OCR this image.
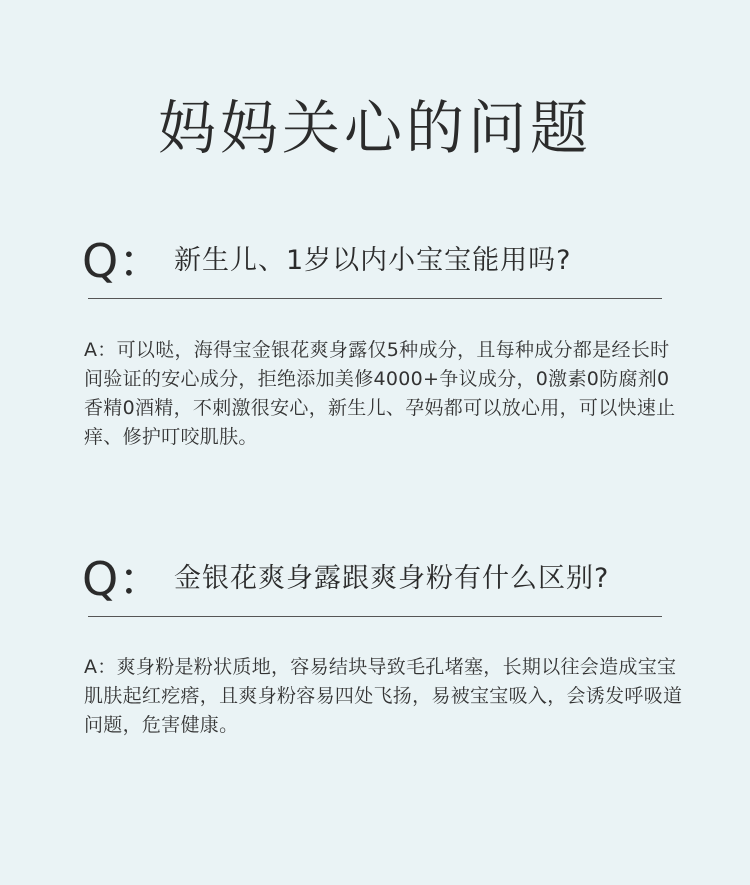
妈妈关心的问题
Q： 新生儿、1岁以内小宝宝能用吗?
A：可以哒，海得宝金银花爽身露仅5种成分，且每种成分都是经长时间验证的安心成分，拒绝添加美修4000+争议成分，0激素0防腐剂0香精0酒精，不刺激很安心，新生儿、孕妈都可以放心用，可以快速止痒、修护叮咬肌肤。
Q： 金银花爽身露跟爽身粉有什么区别?
A：爽身粉是粉状质地，容易结块导致毛孔堵塞，长期以往会造成宝宝肌肤起红疙瘩，且爽身粉容易四处飞扬，易被宝宝吸入，会诱发呼吸道问题，危害健康。
